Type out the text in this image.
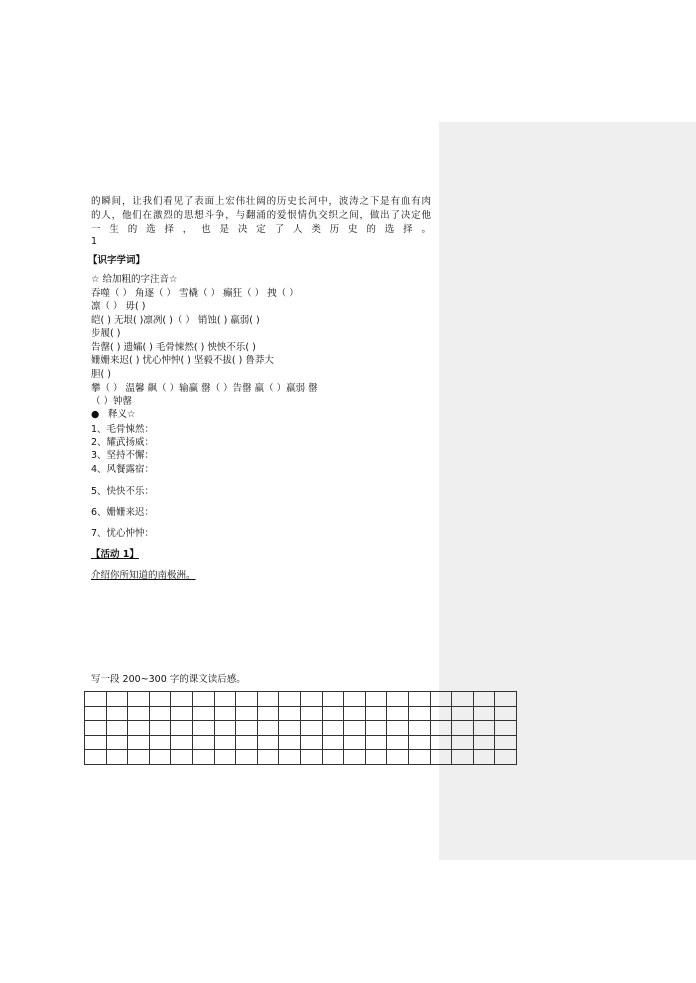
的瞬间，让我们看见了表面上宏伟壮阔的历史长河中，波涛之下是有血有肉
的人，他们在激烈的思想斗争，与翻涌的爱恨情仇交织之间，做出了决定他
一生的选择，也是决定了人类历史的选择。
1
【识字学词】
☆ 给加粗的字注音☆
吞噬（ ） 角逐（ ） 雪橇（ ） 癫狂（ ） 拽（ ）
凛（ ） 毋( )
皑( ) 无垠( )凛冽( )（ ） 销蚀( ) 羸弱( )
步履( )
告罄( ) 遗孀( ) 毛骨悚然( ) 怏怏不乐( )
姗姗来迟( ) 忧心忡忡( ) 坚毅不拔( ) 鲁莽大
胆( )
攀（ ） 温馨 飙（ ）输赢 罄（ ）告罄 羸（ ）羸弱 罄
（ ）钟罄
● 释义☆
1、毛骨悚然：
2、耀武扬威：
3、坚持不懈：
4、风餐露宿：
5、快快不乐：
6、姗姗来迟：
7、忧心忡忡：
【活动 1】
介绍你所知道的南极洲。
写一段 200~300 字的课文读后感。
